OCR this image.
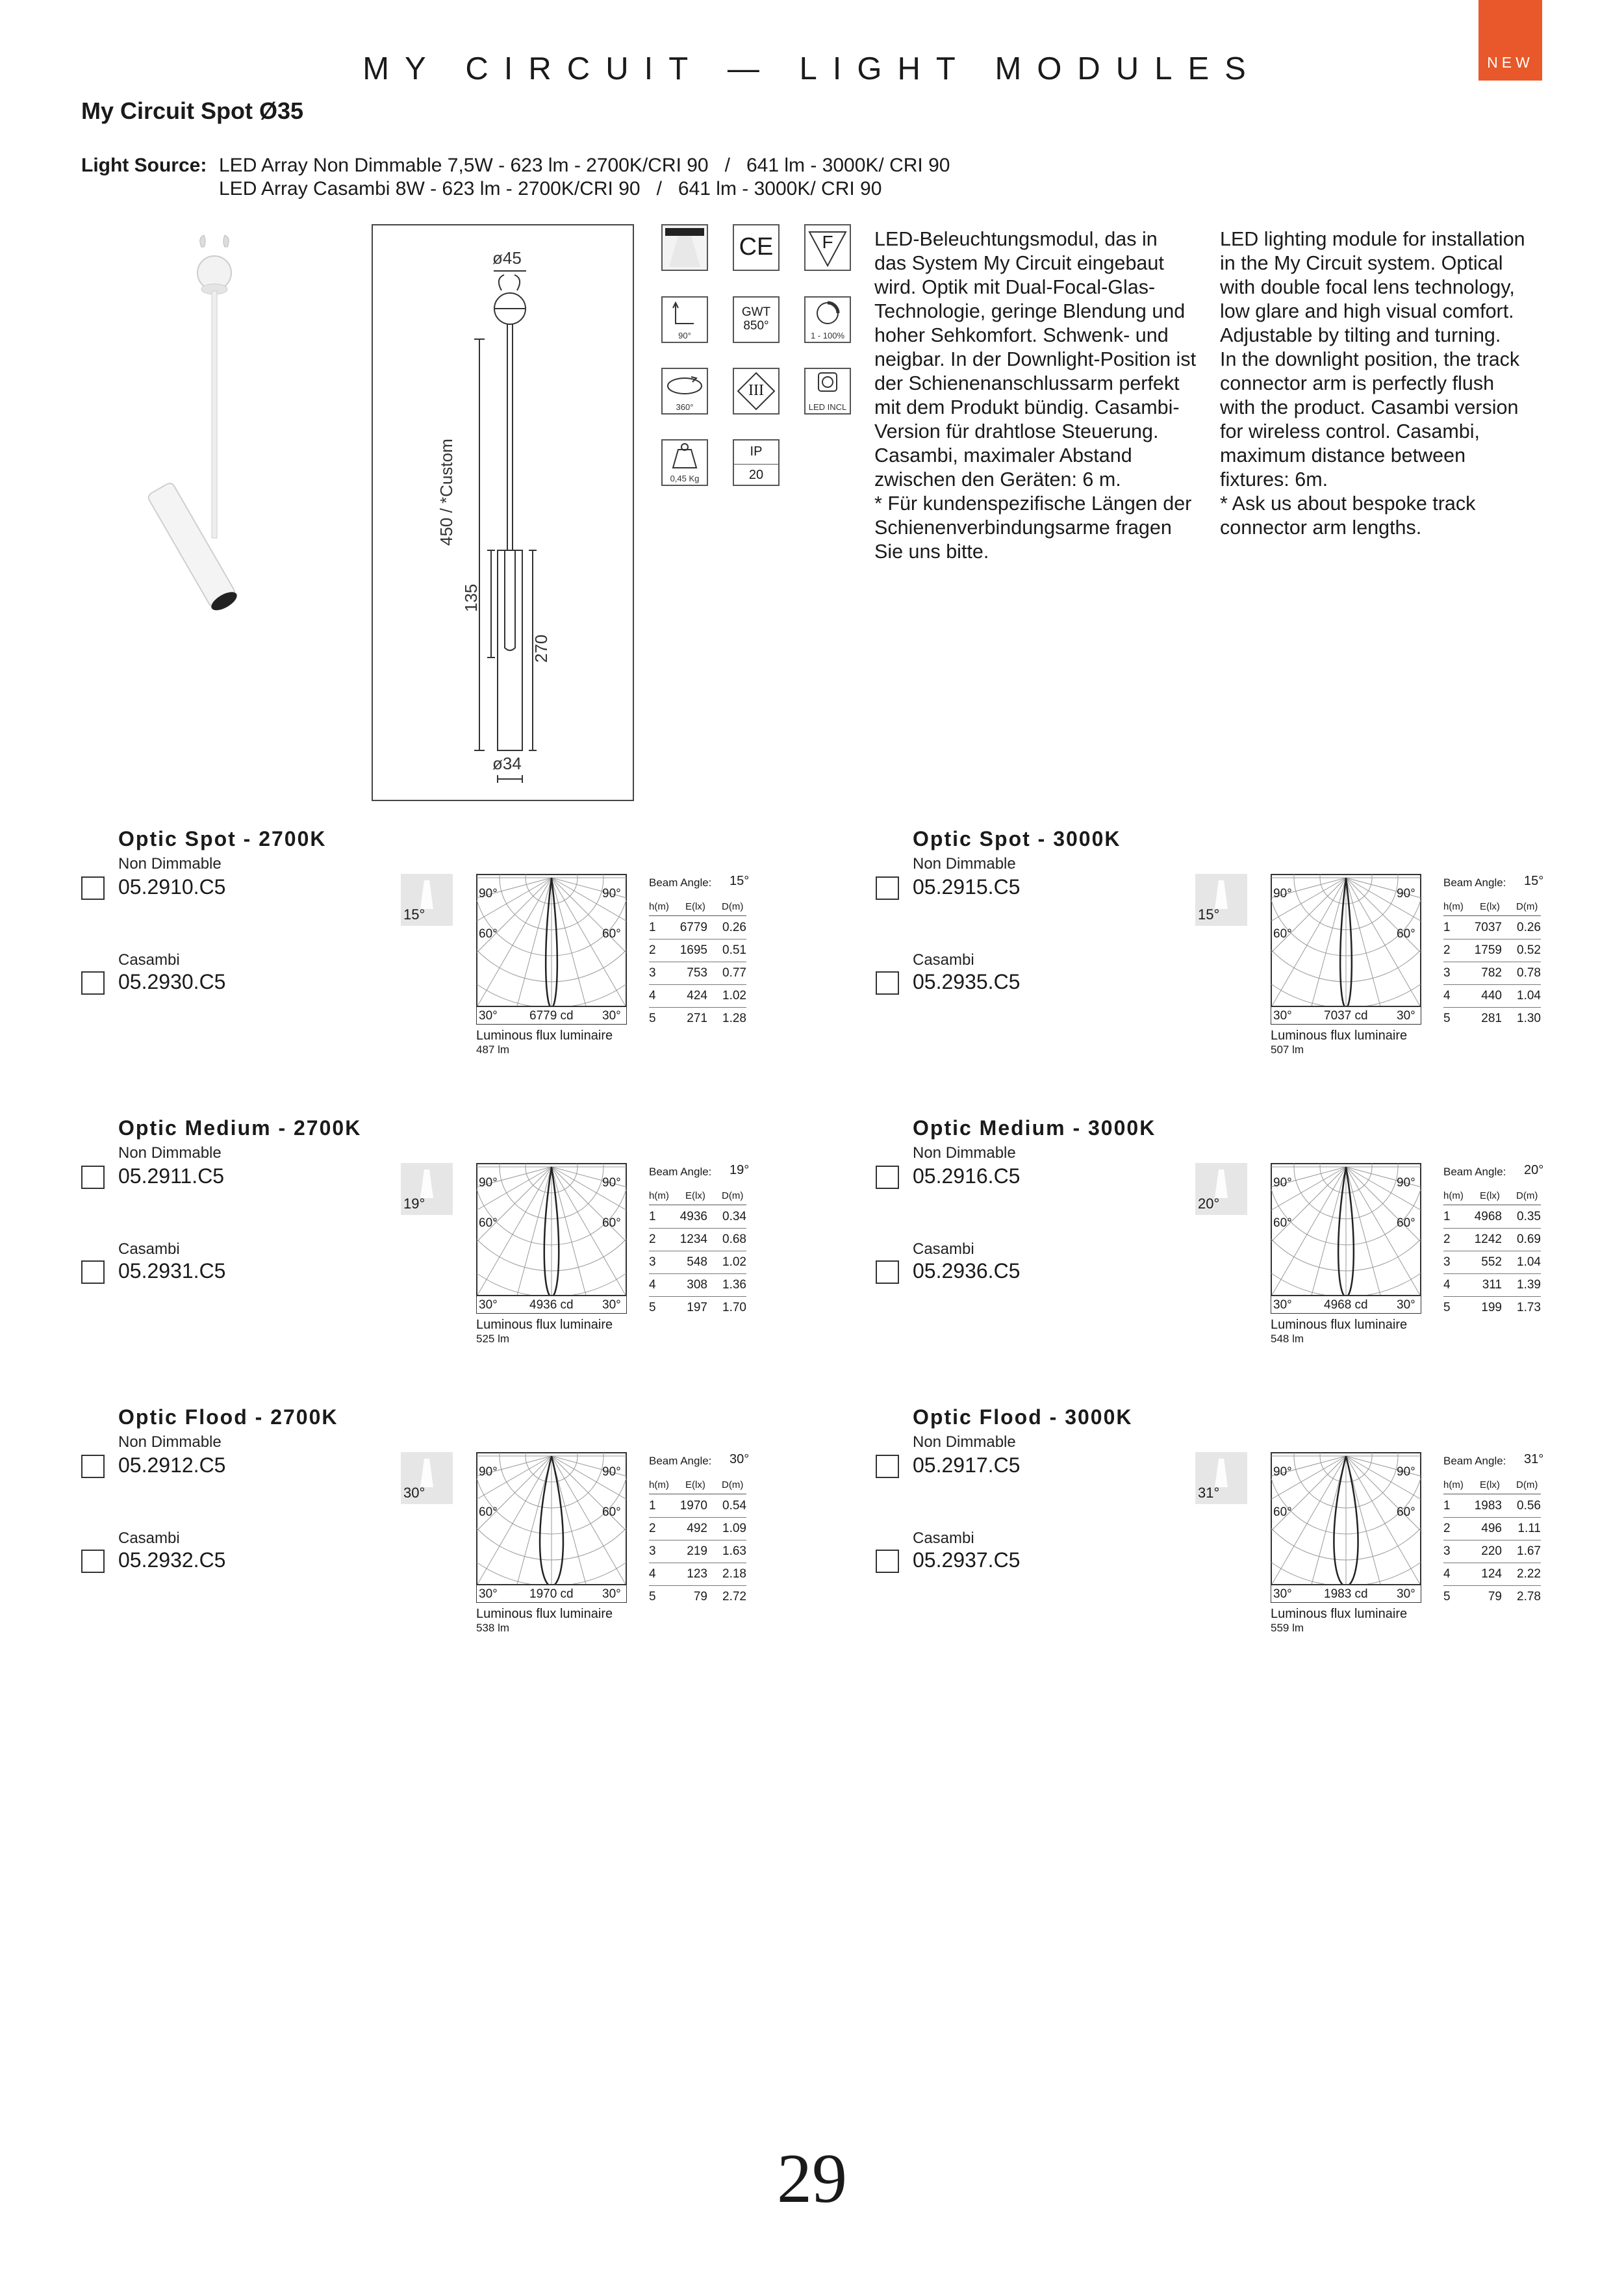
NEW
MY CIRCUIT — LIGHT MODULES
My Circuit Spot Ø35
Light Source: LED Array Non Dimmable 7,5W - 623 lm - 2700K/CRI 90   /   641 lm - 3000K/ CRI 90
LED Array Casambi 8W - 623 lm - 2700K/CRI 90   /   641 lm - 3000K/ CRI 90
ø45
ø34
450 / *Custom
135
270
CE	F
90°
GWT
850°
1 - 100%
360°
III
LED INCL
0,45 Kg
IP
20
LED-Beleuchtungsmodul, das in
das System My Circuit eingebaut
wird. Optik mit Dual-Focal-Glas-
Technologie, geringe Blendung und
hoher Sehkomfort. Schwenk- und
neigbar. In der Downlight-Position ist
der Schienenanschlussarm perfekt
mit dem Produkt bündig. Casambi-
Version für drahtlose Steuerung.
Casambi, maximaler Abstand
zwischen den Geräten: 6 m.
* Für kundenspezifische Längen der
Schienenverbindungsarme fragen
Sie uns bitte.
LED lighting module for installation
in the My Circuit system. Optical
with double focal lens technology,
low glare and high visual comfort.
Adjustable by tilting and turning.
In the downlight position, the track
connector arm is perfectly flush
with the product. Casambi version
for wireless control. Casambi,
maximum distance between
fixtures: 6m.
* Ask us about bespoke track
connector arm lengths.
Optic Spot - 2700K
Non Dimmable
05.2910.C5
Casambi
05.2930.C5
15°
90°	90°
60°	60°
30°	30°
6779 cd
Luminous flux luminaire
487 lm
Beam Angle: 15°
h(m) E(lx) D(m)
1	6779	0.26
2	1695	0.51
3	753	0.77
4	424	1.02
5	271	1.28
Optic Spot - 3000K
Non Dimmable
05.2915.C5
Casambi
05.2935.C5
15°
90°	90°
60°	60°
30°	30°
7037 cd
Luminous flux luminaire
507 lm
Beam Angle: 15°
h(m) E(lx) D(m)
1	7037	0.26
2	1759	0.52
3	782	0.78
4	440	1.04
5	281	1.30
Optic Medium - 2700K
Non Dimmable
05.2911.C5
Casambi
05.2931.C5
19°
90°	90°
60°	60°
30°	30°
4936 cd
Luminous flux luminaire
525 lm
Beam Angle: 19°
h(m) E(lx) D(m)
1	4936	0.34
2	1234	0.68
3	548	1.02
4	308	1.36
5	197	1.70
Optic Medium - 3000K
Non Dimmable
05.2916.C5
Casambi
05.2936.C5
20°
90°	90°
60°	60°
30°	30°
4968 cd
Luminous flux luminaire
548 lm
Beam Angle: 20°
h(m) E(lx) D(m)
1	4968	0.35
2	1242	0.69
3	552	1.04
4	311	1.39
5	199	1.73
Optic Flood - 2700K
Non Dimmable
05.2912.C5
Casambi
05.2932.C5
30°
90°	90°
60°	60°
30°	30°
1970 cd
Luminous flux luminaire
538 lm
Beam Angle: 30°
h(m) E(lx) D(m)
1	1970	0.54
2	492	1.09
3	219	1.63
4	123	2.18
5	79	2.72
Optic Flood - 3000K
Non Dimmable
05.2917.C5
Casambi
05.2937.C5
31°
90°	90°
60°	60°
30°	30°
1983 cd
Luminous flux luminaire
559 lm
Beam Angle: 31°
h(m) E(lx) D(m)
1	1983	0.56
2	496	1.11
3	220	1.67
4	124	2.22
5	79	2.78
29
